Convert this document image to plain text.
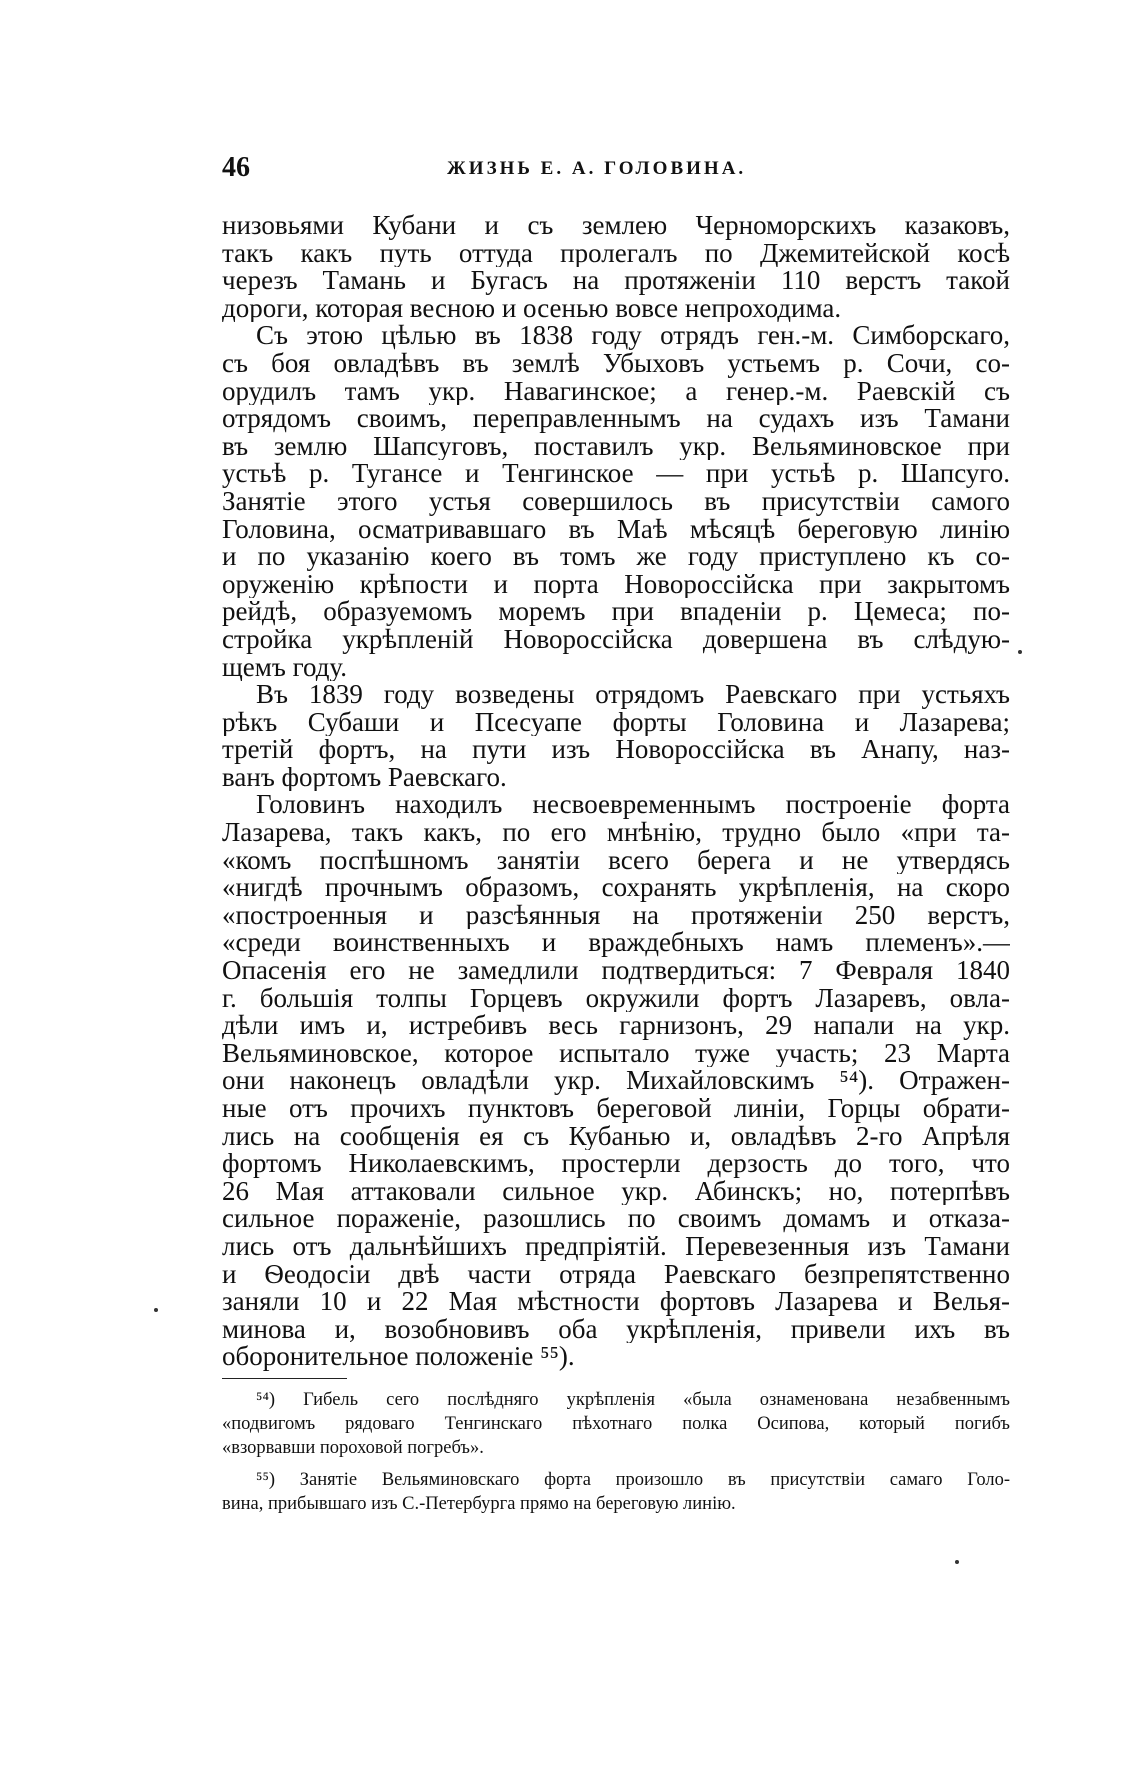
46	ЖИЗНЬ Е. А. ГОЛОВИНА.
низовьями Кубани и съ землею Черноморскихъ казаковъ,
такъ какъ путь оттуда пролегалъ по Джемитейской косѣ
черезъ Тамань и Бугасъ на протяженіи 110 верстъ такой
дороги, которая весною и осенью вовсе непроходима.
Съ этою цѣлью въ 1838 году отрядъ ген.-м. Симборскаго,
съ боя овладѣвъ въ землѣ Убыховъ устьемъ р. Сочи, со-
орудилъ тамъ укр. Навагинское; а генер.-м. Раевскій съ
отрядомъ своимъ, переправленнымъ на судахъ изъ Тамани
въ землю Шапсуговъ, поставилъ укр. Вельяминовское при
устьѣ р. Тугансе и Тенгинское — при устьѣ р. Шапсуго.
Занятіе этого устья совершилось въ присутствіи самого
Головина, осматривавшаго въ Маѣ мѣсяцѣ береговую линію
и по указанію коего въ томъ же году приступлено къ со-
оруженію крѣпости и порта Новороссійска при закрытомъ
рейдѣ, образуемомъ моремъ при впаденіи р. Цемеса; по-
стройка укрѣпленій Новороссійска довершена въ слѣдую-
щемъ году.
Въ 1839 году возведены отрядомъ Раевскаго при устьяхъ
рѣкъ Субаши и Псесуапе форты Головина и Лазарева;
третій фортъ, на пути изъ Новороссійска въ Анапу, наз-
ванъ фортомъ Раевскаго.
Головинъ находилъ несвоевременнымъ построеніе форта
Лазарева, такъ какъ, по его мнѣнію, трудно было «при та-
«комъ поспѣшномъ занятіи всего берега и не утвердясь
«нигдѣ прочнымъ образомъ, сохранять укрѣпленія, на скоро
«построенныя и разсѣянныя на протяженіи 250 верстъ,
«среди воинственныхъ и враждебныхъ намъ племенъ».—
Опасенія его не замедлили подтвердиться: 7 Февраля 1840
г. большія толпы Горцевъ окружили фортъ Лазаревъ, овла-
дѣли имъ и, истребивъ весь гарнизонъ, 29 напали на укр.
Вельяминовское, которое испытало туже участь; 23 Марта
они наконецъ овладѣли укр. Михайловскимъ ⁵⁴). Отражен-
ные отъ прочихъ пунктовъ береговой линіи, Горцы обрати-
лись на сообщенія ея съ Кубанью и, овладѣвъ 2-го Апрѣля
фортомъ Николаевскимъ, простерли дерзость до того, что
26 Мая аттаковали сильное укр. Абинскъ; но, потерпѣвъ
сильное пораженіе, разошлись по своимъ домамъ и отказа-
лись отъ дальнѣйшихъ предпріятій. Перевезенныя изъ Тамани
и Ѳеодосіи двѣ части отряда Раевскаго безпрепятственно
заняли 10 и 22 Мая мѣстности фортовъ Лазарева и Велья-
минова и, возобновивъ оба укрѣпленія, привели ихъ въ
оборонительное положеніе ⁵⁵).
⁵⁴) Гибель сего послѣдняго укрѣпленія «была ознаменована незабвеннымъ
«подвигомъ рядоваго Тенгинскаго пѣхотнаго полка Осипова, который погибъ
«взорвавши пороховой погребъ».
⁵⁵) Занятіе Вельяминовскаго форта произошло въ присутствіи самаго Голо-
вина, прибывшаго изъ С.-Петербурга прямо на береговую линію.
